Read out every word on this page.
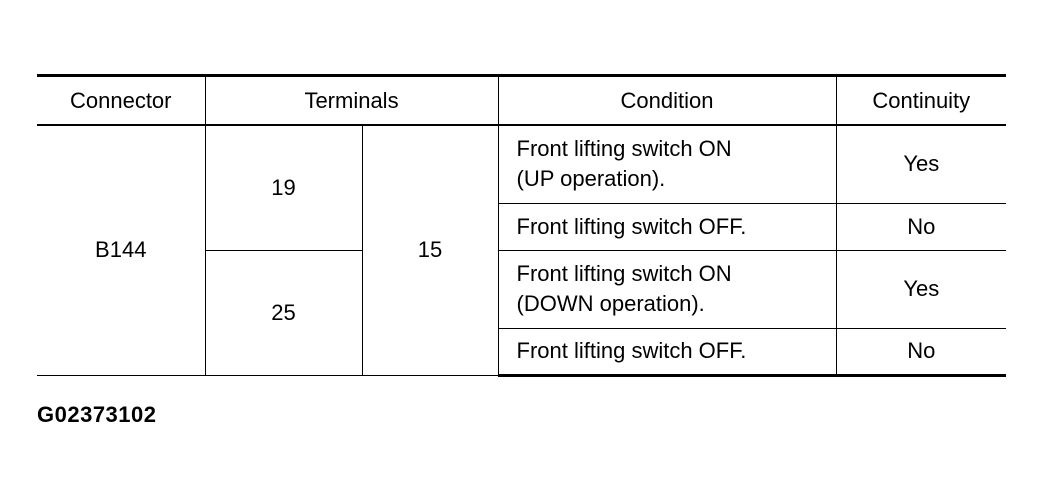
Connector	Terminals		Condition	Continuity
B144	19	15	Front lifting switch ON
(UP operation).	Yes

			Front lifting switch OFF.	No
	25		Front lifting switch ON
(DOWN operation).	Yes

			Front lifting switch OFF.	No
G02373102
